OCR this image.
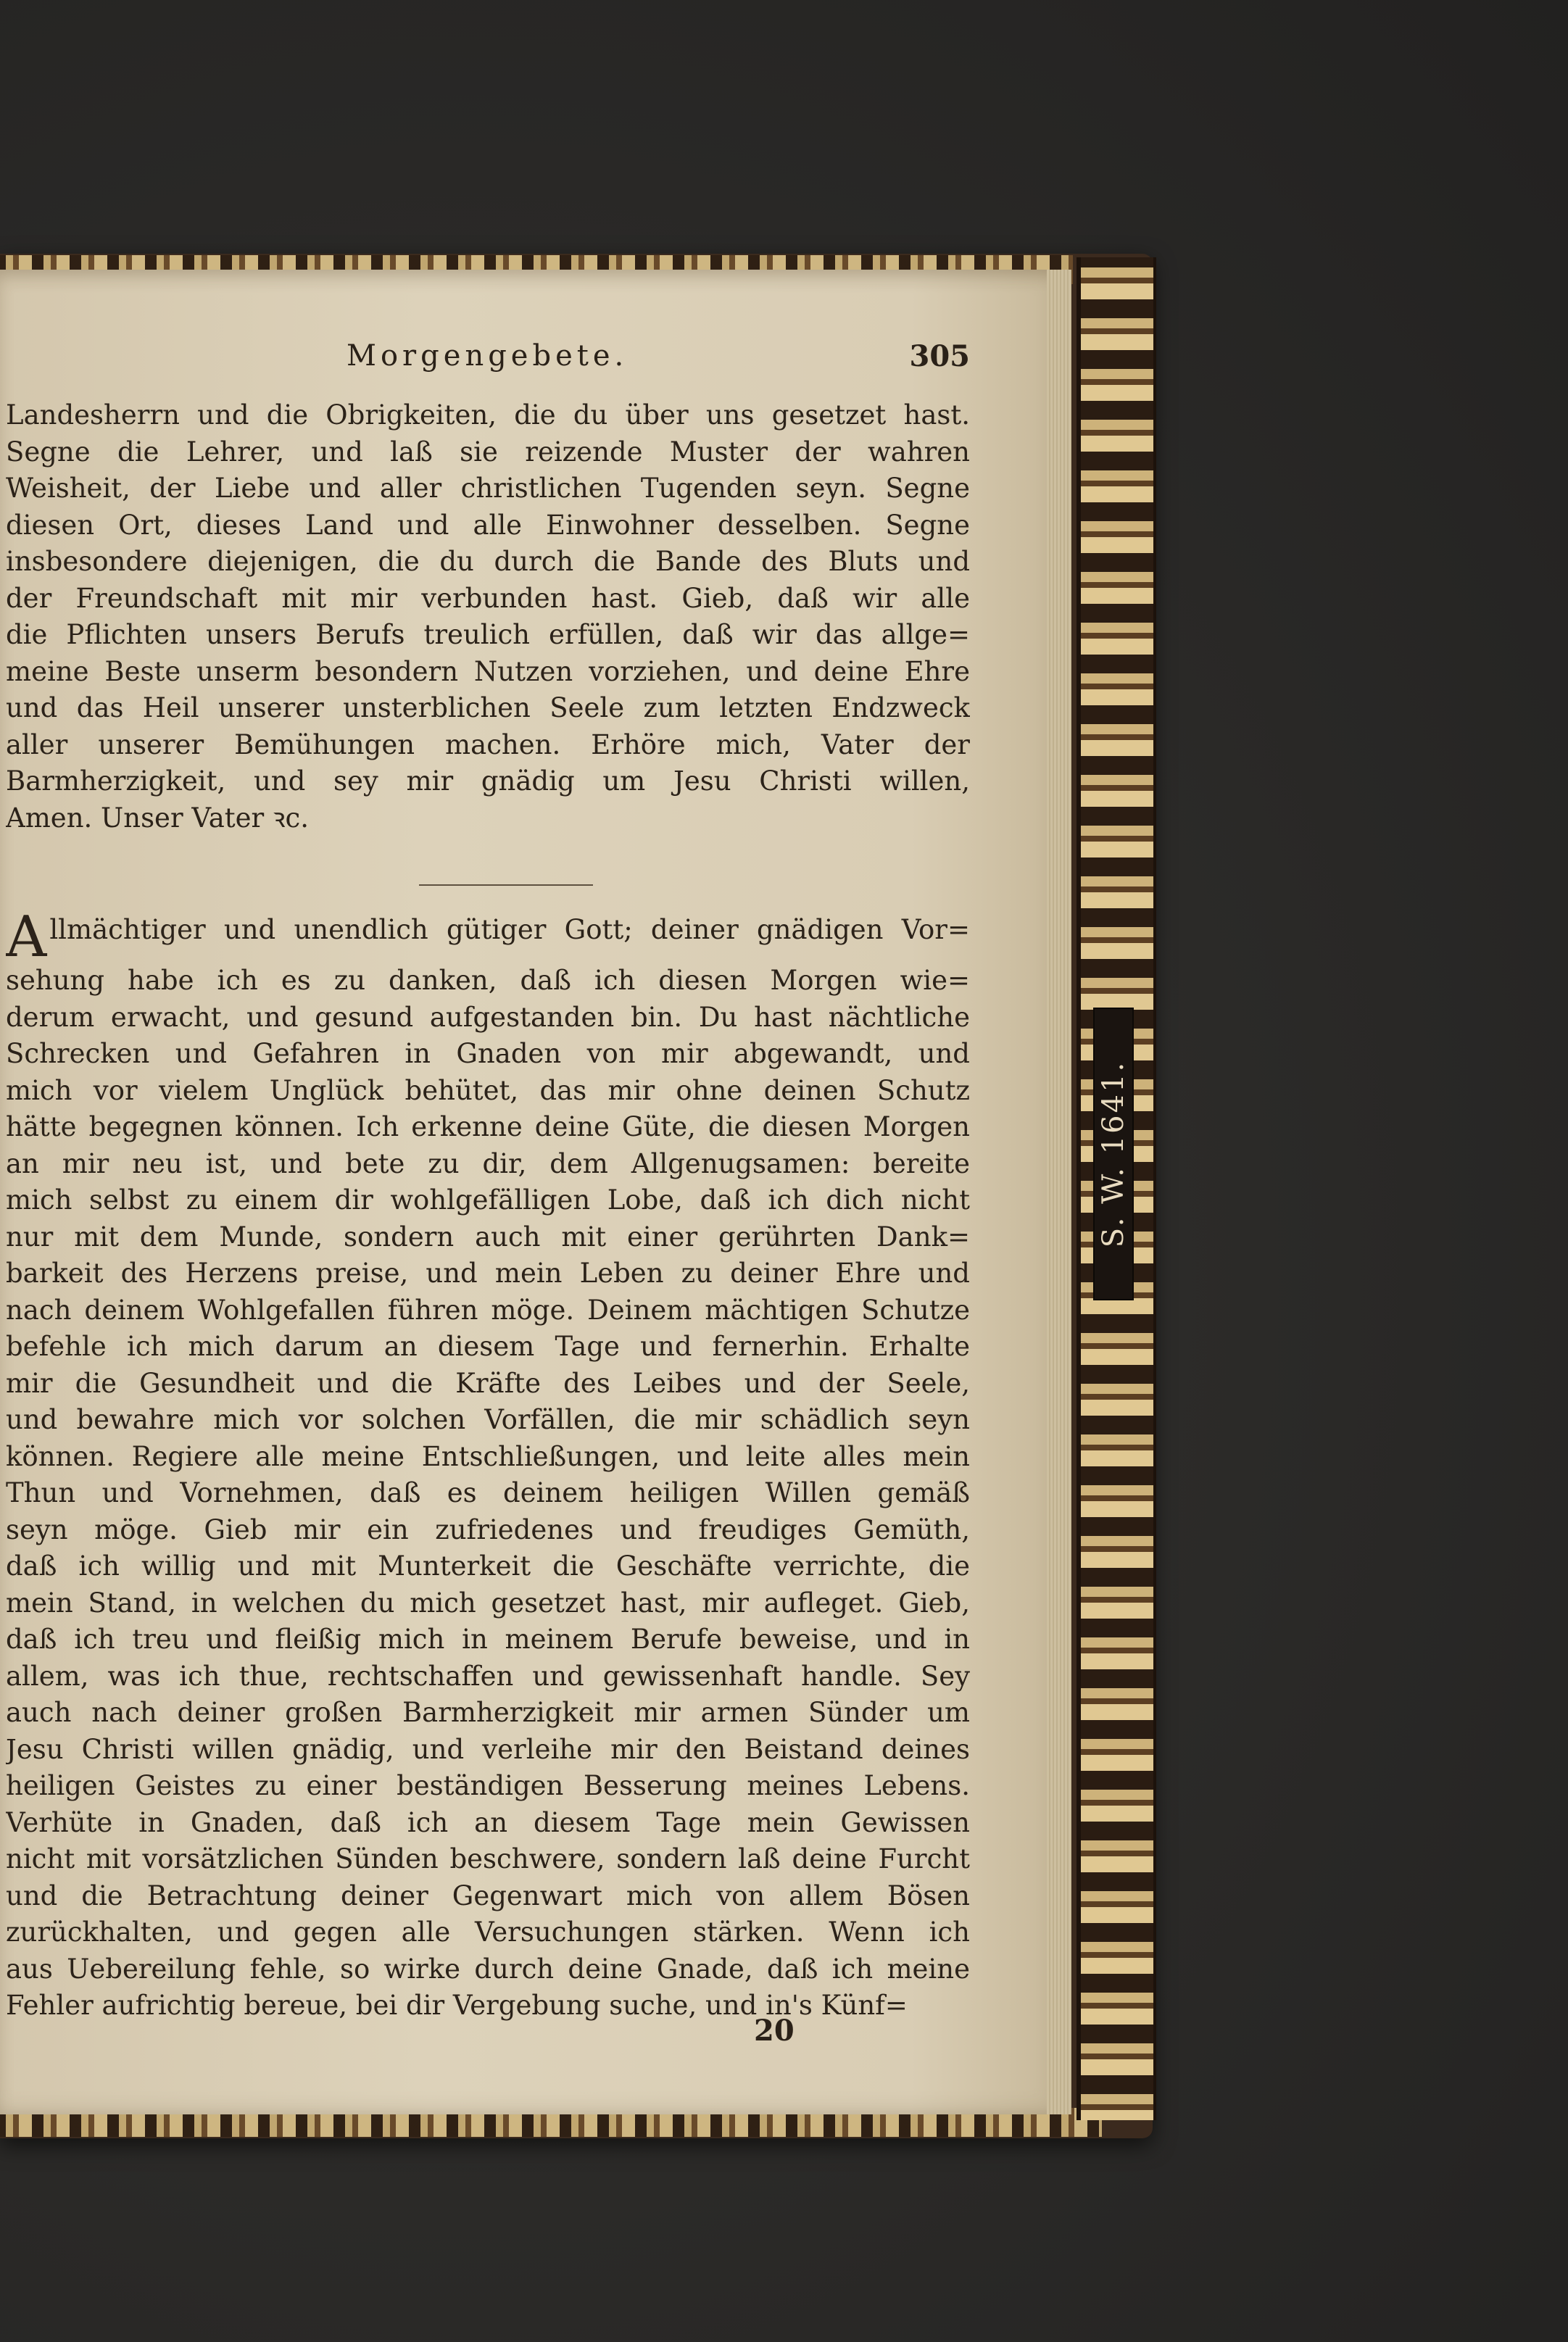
S. W. 1641.
Morgengebete.	305
Landesherrn und die Obrigkeiten, die du über uns gesetzet hast.
Segne die Lehrer, und laß sie reizende Muster der wahren
Weisheit, der Liebe und aller christlichen Tugenden seyn. Segne
diesen Ort, dieses Land und alle Einwohner desselben. Segne
insbesondere diejenigen, die du durch die Bande des Bluts und
der Freundschaft mit mir verbunden hast. Gieb, daß wir alle
die Pflichten unsers Berufs treulich erfüllen, daß wir das allge=
meine Beste unserm besondern Nutzen vorziehen, und deine Ehre
und das Heil unserer unsterblichen Seele zum letzten Endzweck
aller unserer Bemühungen machen. Erhöre mich, Vater der
Barmherzigkeit, und sey mir gnädig um Jesu Christi willen,
Amen. Unser Vater ꝛc.
Allmächtiger und unendlich gütiger Gott; deiner gnädigen Vor=
sehung habe ich es zu danken, daß ich diesen Morgen wie=
derum erwacht, und gesund aufgestanden bin. Du hast nächtliche
Schrecken und Gefahren in Gnaden von mir abgewandt, und
mich vor vielem Unglück behütet, das mir ohne deinen Schutz
hätte begegnen können. Ich erkenne deine Güte, die diesen Morgen
an mir neu ist, und bete zu dir, dem Allgenugsamen: bereite
mich selbst zu einem dir wohlgefälligen Lobe, daß ich dich nicht
nur mit dem Munde, sondern auch mit einer gerührten Dank=
barkeit des Herzens preise, und mein Leben zu deiner Ehre und
nach deinem Wohlgefallen führen möge. Deinem mächtigen Schutze
befehle ich mich darum an diesem Tage und fernerhin. Erhalte
mir die Gesundheit und die Kräfte des Leibes und der Seele,
und bewahre mich vor solchen Vorfällen, die mir schädlich seyn
können. Regiere alle meine Entschließungen, und leite alles mein
Thun und Vornehmen, daß es deinem heiligen Willen gemäß
seyn möge. Gieb mir ein zufriedenes und freudiges Gemüth,
daß ich willig und mit Munterkeit die Geschäfte verrichte, die
mein Stand, in welchen du mich gesetzet hast, mir aufleget. Gieb,
daß ich treu und fleißig mich in meinem Berufe beweise, und in
allem, was ich thue, rechtschaffen und gewissenhaft handle. Sey
auch nach deiner großen Barmherzigkeit mir armen Sünder um
Jesu Christi willen gnädig, und verleihe mir den Beistand deines
heiligen Geistes zu einer beständigen Besserung meines Lebens.
Verhüte in Gnaden, daß ich an diesem Tage mein Gewissen
nicht mit vorsätzlichen Sünden beschwere, sondern laß deine Furcht
und die Betrachtung deiner Gegenwart mich von allem Bösen
zurückhalten, und gegen alle Versuchungen stärken. Wenn ich
aus Uebereilung fehle, so wirke durch deine Gnade, daß ich meine
Fehler aufrichtig bereue, bei dir Vergebung suche, und in's Künf=
20
